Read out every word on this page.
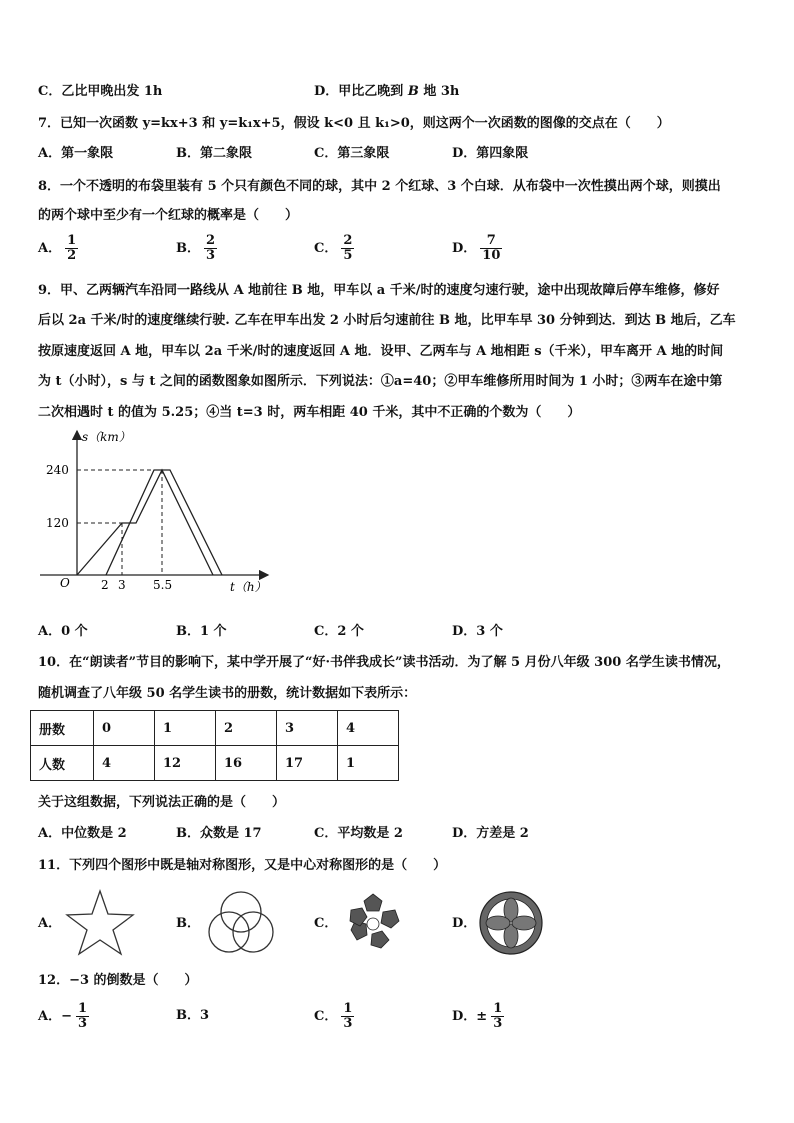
C．乙比甲晚出发 1h	D．甲比乙晚到 B 地 3h
7．已知一次函数 y=kx+3 和 y=k₁x+5，假设 k<0 且 k₁>0，则这两个一次函数的图像的交点在（　　）
A．第一象限	B．第二象限	C．第三象限	D．第四象限
8．一个不透明的布袋里装有 5 个只有颜色不同的球，其中 2 个红球、3 个白球．从布袋中一次性摸出两个球，则摸出
的两个球中至少有一个红球的概率是（　　）
A． $\frac{1}{2}$	B． $\frac{2}{3}$	C． $\frac{2}{5}$	D． $\frac{7}{10}$
9．甲、乙两辆汽车沿同一路线从 A 地前往 B 地，甲车以 a 千米/时的速度匀速行驶，途中出现故障后停车维修，修好
后以 2a 千米/时的速度继续行驶. 乙车在甲车出发 2 小时后匀速前往 B 地，比甲车早 30 分钟到达．到达 B 地后，乙车
按原速度返回 A 地，甲车以 2a 千米/时的速度返回 A 地．设甲、乙两车与 A 地相距 s（千米），甲车离开 A 地的时间
为 t（小时），s 与 t 之间的函数图象如图所示．下列说法：①a=40；②甲车维修所用时间为 1 小时；③两车在途中第
二次相遇时 t 的值为 5.25；④当 t=3 时，两车相距 40 千米，其中不正确的个数为（　　）
s（km）
t（h）
O
240
120
2 3 5.5
A．0 个	B．1 个	C．2 个	D．3 个
10．在“朗读者”节目的影响下，某中学开展了“好·书伴我成长”读书活动．为了解 5 月份八年级 300 名学生读书情况，
随机调查了八年级 50 名学生读书的册数，统计数据如下表所示：
册数	0	1	2	3	4
人数	4	12	16	17	1
关于这组数据，下列说法正确的是（　　）
A．中位数是 2	B．众数是 17	C．平均数是 2	D．方差是 2
11．下列四个图形中既是轴对称图形，又是中心对称图形的是（　　）
A．	B．	C．	D．
12．−3 的倒数是（　　）
A．− $\frac{1}{3}$	B．3	C． $\frac{1}{3}$	D．± $\frac{1}{3}$
